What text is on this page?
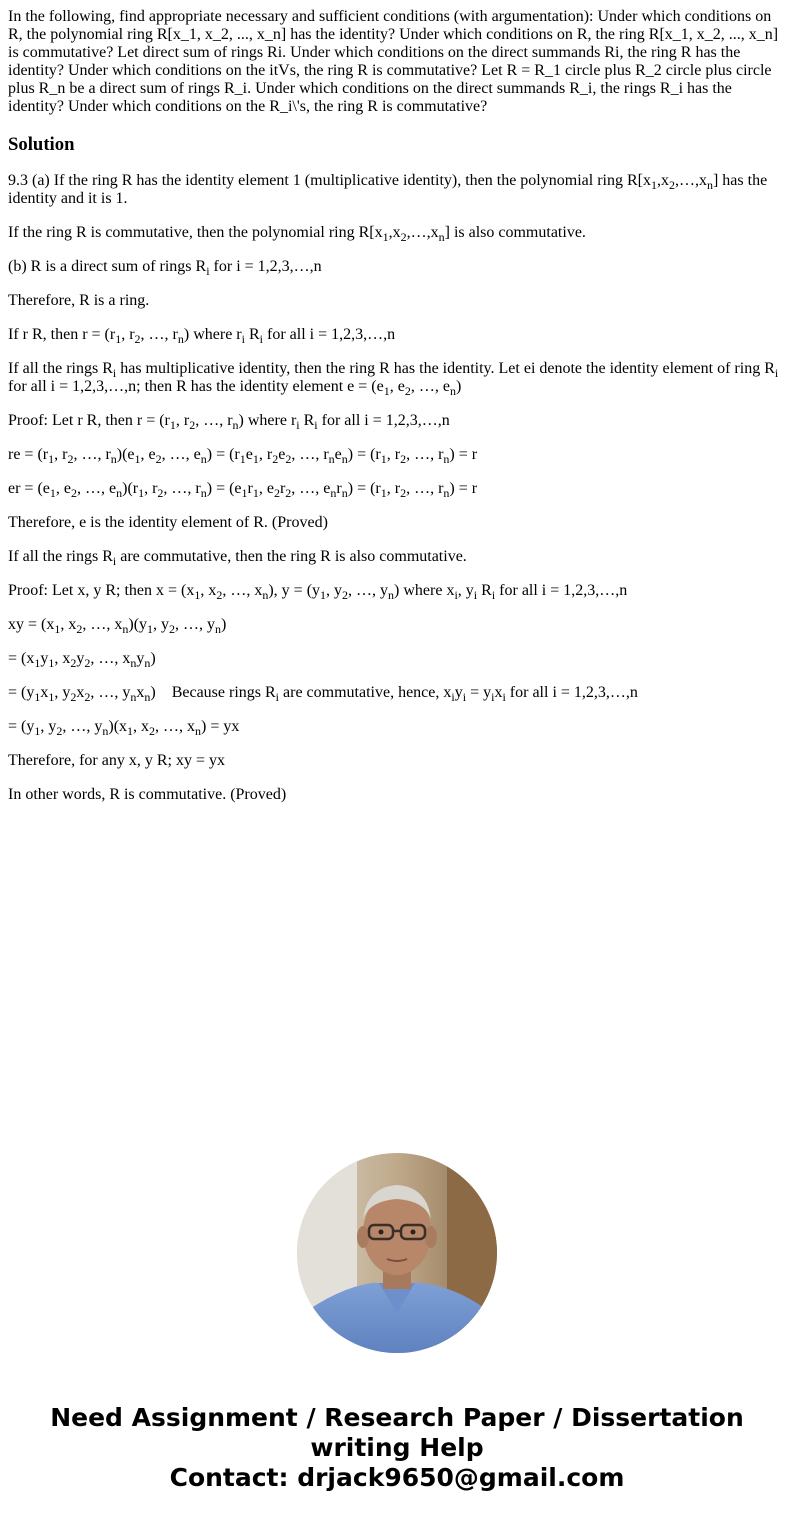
In the following, find appropriate necessary and sufficient conditions (with argumentation): Under which conditions on R, the polynomial ring R[x_1, x_2, ..., x_n] has the identity? Under which conditions on R, the ring R[x_1, x_2, ..., x_n] is commutative? Let direct sum of rings Ri. Under which conditions on the direct summands Ri, the ring R has the identity? Under which conditions on the itVs, the ring R is commutative? Let R = R_1 circle plus R_2 circle plus circle plus R_n be a direct sum of rings R_i. Under which conditions on the direct summands R_i, the rings R_i has the identity? Under which conditions on the R_i\'s, the ring R is commutative?
Solution

9.3 (a) If the ring R has the identity element 1 (multiplicative identity), then the polynomial ring $R[x_1,x_2,\dots,x_n]$ has the identity and it is 1.

If the ring R is commutative, then the polynomial ring $R[x_1,x_2,\dots,x_n]$ is also commutative.

(b) R is a direct sum of rings $R_i$ for i = 1,2,3,…,n

Therefore, R is a ring.

If r R, then $r = (r_1$, $r_2$, …, $r_n$) where $r_i$ $R_i$ for all i = 1,2,3,…,n

If all the rings $R_i$ has multiplicative identity, then the ring R has the identity. Let ei denote the identity element of ring $R_i$ for all i = 1,2,3,…,n; then R has the identity element $e = (e_1$, $e_2$, …, $e_n$)

Proof: Let r R, then $r = (r_1$, $r_2$, …, $r_n$) where $r_i$ $R_i$ for all i = 1,2,3,…,n

re = ($r_1$, $r_2$, …, $r_n)(e_1$, $e_2$, …, $e_n) = (r_1e_1$, $r_2e_2$, …, $r_ne_n) = (r_1$, $r_2$, …, $r_n) = r$

er = ($e_1$, $e_2$, …, $e_n)(r_1$, $r_2$, …, $r_n) = (e_1r_1$, $e_2r_2$, …, $e_nr_n) = (r_1$, $r_2$, …, $r_n) = r$

Therefore, e is the identity element of R. (Proved)

If all the rings $R_i$ are commutative, then the ring R is also commutative.

Proof: Let x, y R; then $x = (x_1$, $x_2$, …, $x_n$), $y = (y_1$, $y_2$, …, $y_n$) where $x_i$, $y_i$ $R_i$ for all i = 1,2,3,…,n

xy = ($x_1$, $x_2$, …, $x_n)(y_1$, $y_2$, …, $y_n$)

= ($x_1y_1$, $x_2y_2$, …, $x_ny_n$)

= ($y_1x_1$, $y_2x_2$, …, $y_nx_n$) Because rings $R_i$ are commutative, hence, $x_iy_i = y_ix_i$ for all i = 1,2,3,…,n

= ($y_1$, $y_2$, …, $y_n)(x_1$, $x_2$, …, $x_n$) = yx

Therefore, for any x, y R; xy = yx

In other words, R is commutative. (Proved)

Need Assignment / Research Paper / Dissertation
writing Help
Contact: drjack9650@gmail.com
